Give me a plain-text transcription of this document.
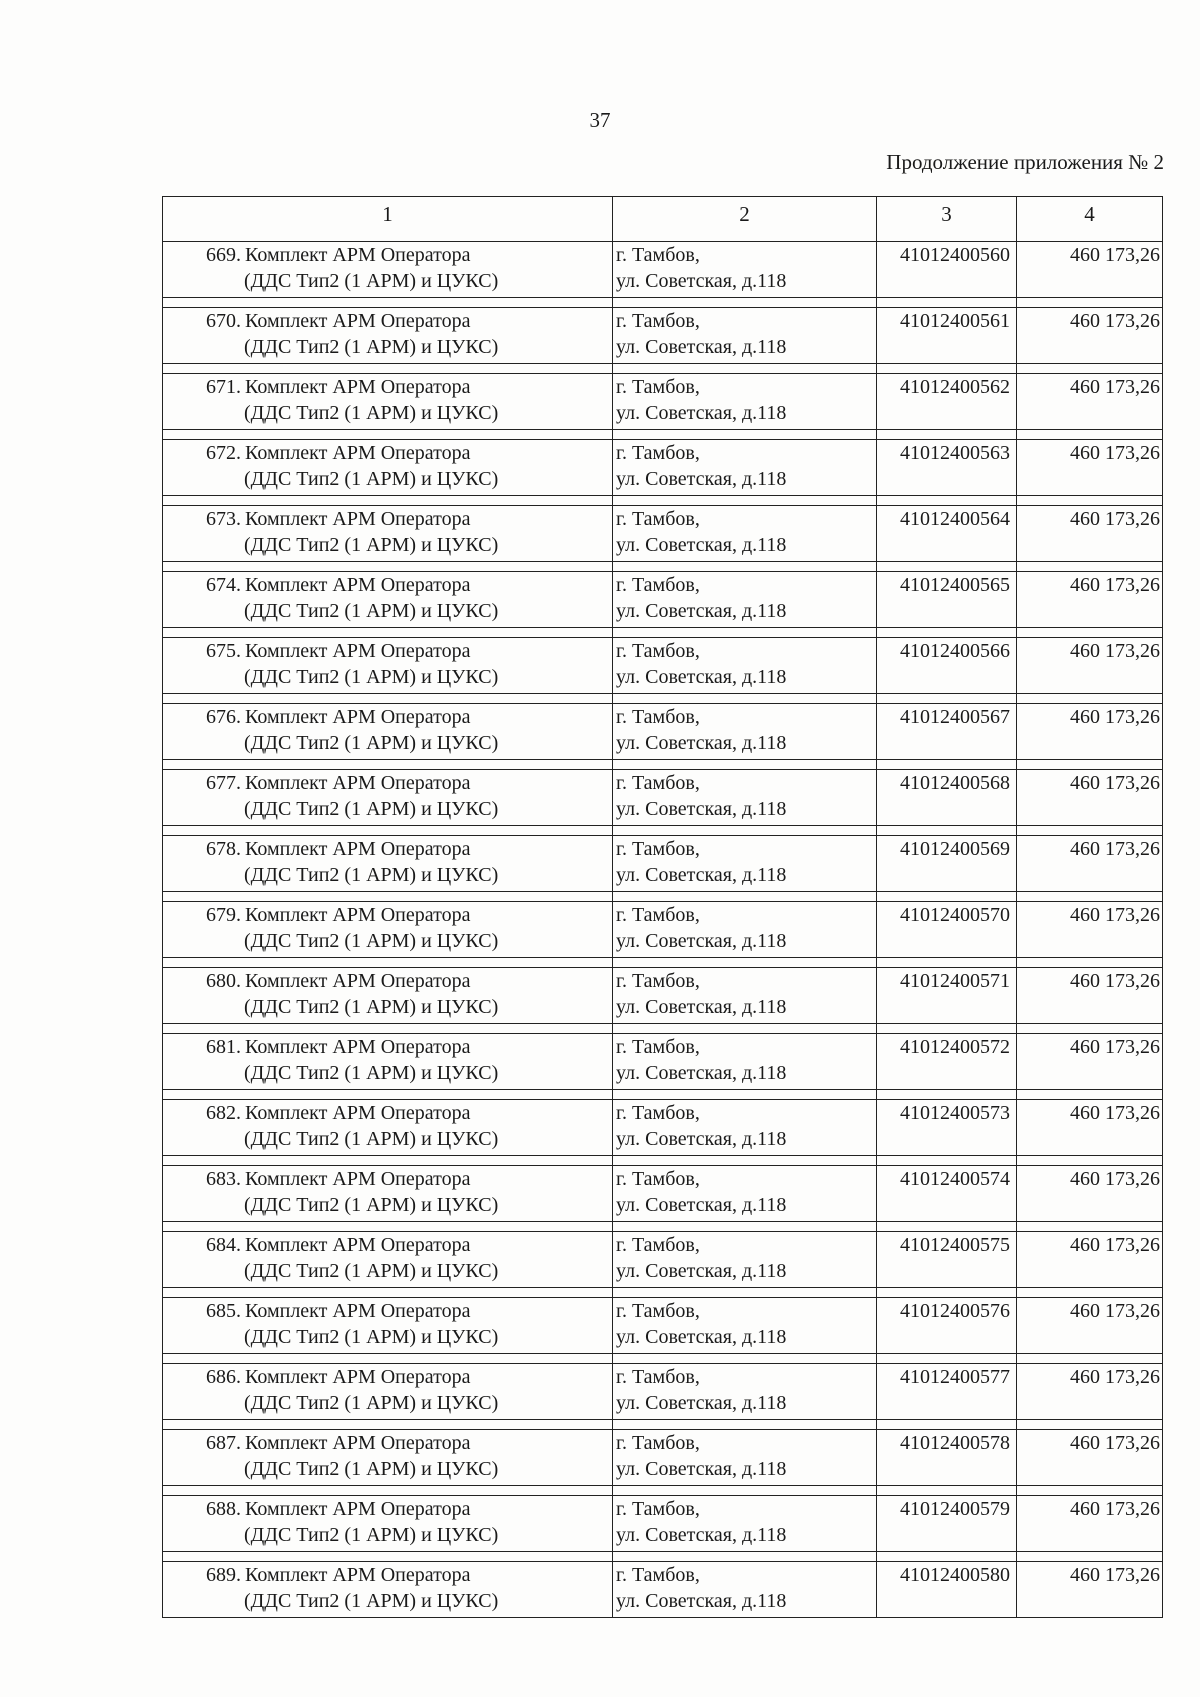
37
Продолжение приложения № 2
1	2	3	4

669. Комплект АРМ Оператора
(ДДС Тип2 (1 АРМ) и ЦУКС)	г. Тамбов,
ул. Советская, д.118	41012400560	460 173,26

670. Комплект АРМ Оператора
(ДДС Тип2 (1 АРМ) и ЦУКС)	г. Тамбов,
ул. Советская, д.118	41012400561	460 173,26

671. Комплект АРМ Оператора
(ДДС Тип2 (1 АРМ) и ЦУКС)	г. Тамбов,
ул. Советская, д.118	41012400562	460 173,26

672. Комплект АРМ Оператора
(ДДС Тип2 (1 АРМ) и ЦУКС)	г. Тамбов,
ул. Советская, д.118	41012400563	460 173,26

673. Комплект АРМ Оператора
(ДДС Тип2 (1 АРМ) и ЦУКС)	г. Тамбов,
ул. Советская, д.118	41012400564	460 173,26

674. Комплект АРМ Оператора
(ДДС Тип2 (1 АРМ) и ЦУКС)	г. Тамбов,
ул. Советская, д.118	41012400565	460 173,26

675. Комплект АРМ Оператора
(ДДС Тип2 (1 АРМ) и ЦУКС)	г. Тамбов,
ул. Советская, д.118	41012400566	460 173,26

676. Комплект АРМ Оператора
(ДДС Тип2 (1 АРМ) и ЦУКС)	г. Тамбов,
ул. Советская, д.118	41012400567	460 173,26

677. Комплект АРМ Оператора
(ДДС Тип2 (1 АРМ) и ЦУКС)	г. Тамбов,
ул. Советская, д.118	41012400568	460 173,26

678. Комплект АРМ Оператора
(ДДС Тип2 (1 АРМ) и ЦУКС)	г. Тамбов,
ул. Советская, д.118	41012400569	460 173,26

679. Комплект АРМ Оператора
(ДДС Тип2 (1 АРМ) и ЦУКС)	г. Тамбов,
ул. Советская, д.118	41012400570	460 173,26

680. Комплект АРМ Оператора
(ДДС Тип2 (1 АРМ) и ЦУКС)	г. Тамбов,
ул. Советская, д.118	41012400571	460 173,26

681. Комплект АРМ Оператора
(ДДС Тип2 (1 АРМ) и ЦУКС)	г. Тамбов,
ул. Советская, д.118	41012400572	460 173,26

682. Комплект АРМ Оператора
(ДДС Тип2 (1 АРМ) и ЦУКС)	г. Тамбов,
ул. Советская, д.118	41012400573	460 173,26

683. Комплект АРМ Оператора
(ДДС Тип2 (1 АРМ) и ЦУКС)	г. Тамбов,
ул. Советская, д.118	41012400574	460 173,26

684. Комплект АРМ Оператора
(ДДС Тип2 (1 АРМ) и ЦУКС)	г. Тамбов,
ул. Советская, д.118	41012400575	460 173,26

685. Комплект АРМ Оператора
(ДДС Тип2 (1 АРМ) и ЦУКС)	г. Тамбов,
ул. Советская, д.118	41012400576	460 173,26

686. Комплект АРМ Оператора
(ДДС Тип2 (1 АРМ) и ЦУКС)	г. Тамбов,
ул. Советская, д.118	41012400577	460 173,26

687. Комплект АРМ Оператора
(ДДС Тип2 (1 АРМ) и ЦУКС)	г. Тамбов,
ул. Советская, д.118	41012400578	460 173,26

688. Комплект АРМ Оператора
(ДДС Тип2 (1 АРМ) и ЦУКС)	г. Тамбов,
ул. Советская, д.118	41012400579	460 173,26

689. Комплект АРМ Оператора
(ДДС Тип2 (1 АРМ) и ЦУКС)	г. Тамбов,
ул. Советская, д.118	41012400580	460 173,26
